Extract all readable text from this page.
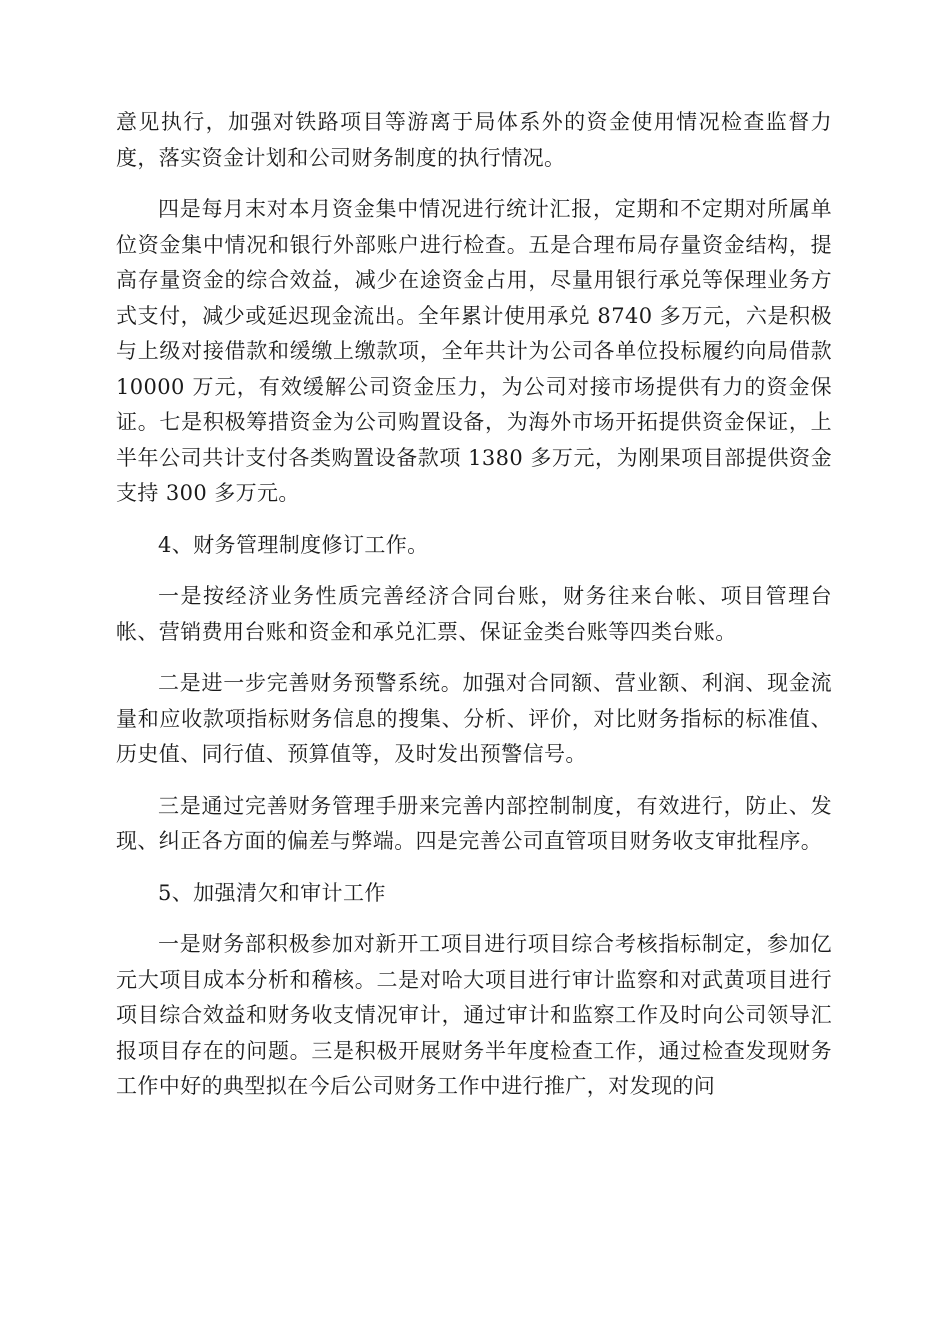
意见执行，加强对铁路项目等游离于局体系外的资金使用情况检查监督力度，落实资金计划和公司财务制度的执行情况。

四是每月末对本月资金集中情况进行统计汇报，定期和不定期对所属单位资金集中情况和银行外部账户进行检查。五是合理布局存量资金结构，提高存量资金的综合效益，减少在途资金占用，尽量用银行承兑等保理业务方式支付，减少或延迟现金流出。全年累计使用承兑 8740 多万元，六是积极与上级对接借款和缓缴上缴款项，全年共计为公司各单位投标履约向局借款 10000 万元，有效缓解公司资金压力，为公司对接市场提供有力的资金保证。七是积极筹措资金为公司购置设备，为海外市场开拓提供资金保证，上半年公司共计支付各类购置设备款项 1380 多万元，为刚果项目部提供资金支持 300 多万元。

4、财务管理制度修订工作。

一是按经济业务性质完善经济合同台账，财务往来台帐、项目管理台帐、营销费用台账和资金和承兑汇票、保证金类台账等四类台账。

二是进一步完善财务预警系统。加强对合同额、营业额、利润、现金流量和应收款项指标财务信息的搜集、分析、评价，对比财务指标的标准值、历史值、同行值、预算值等，及时发出预警信号。

三是通过完善财务管理手册来完善内部控制制度，有效进行，防止、发现、纠正各方面的偏差与弊端。四是完善公司直管项目财务收支审批程序。

5、加强清欠和审计工作

一是财务部积极参加对新开工项目进行项目综合考核指标制定，参加亿元大项目成本分析和稽核。二是对哈大项目进行审计监察和对武黄项目进行项目综合效益和财务收支情况审计，通过审计和监察工作及时向公司领导汇报项目存在的问题。三是积极开展财务半年度检查工作，通过检查发现财务工作中好的典型拟在今后公司财务工作中进行推广，对发现的问
